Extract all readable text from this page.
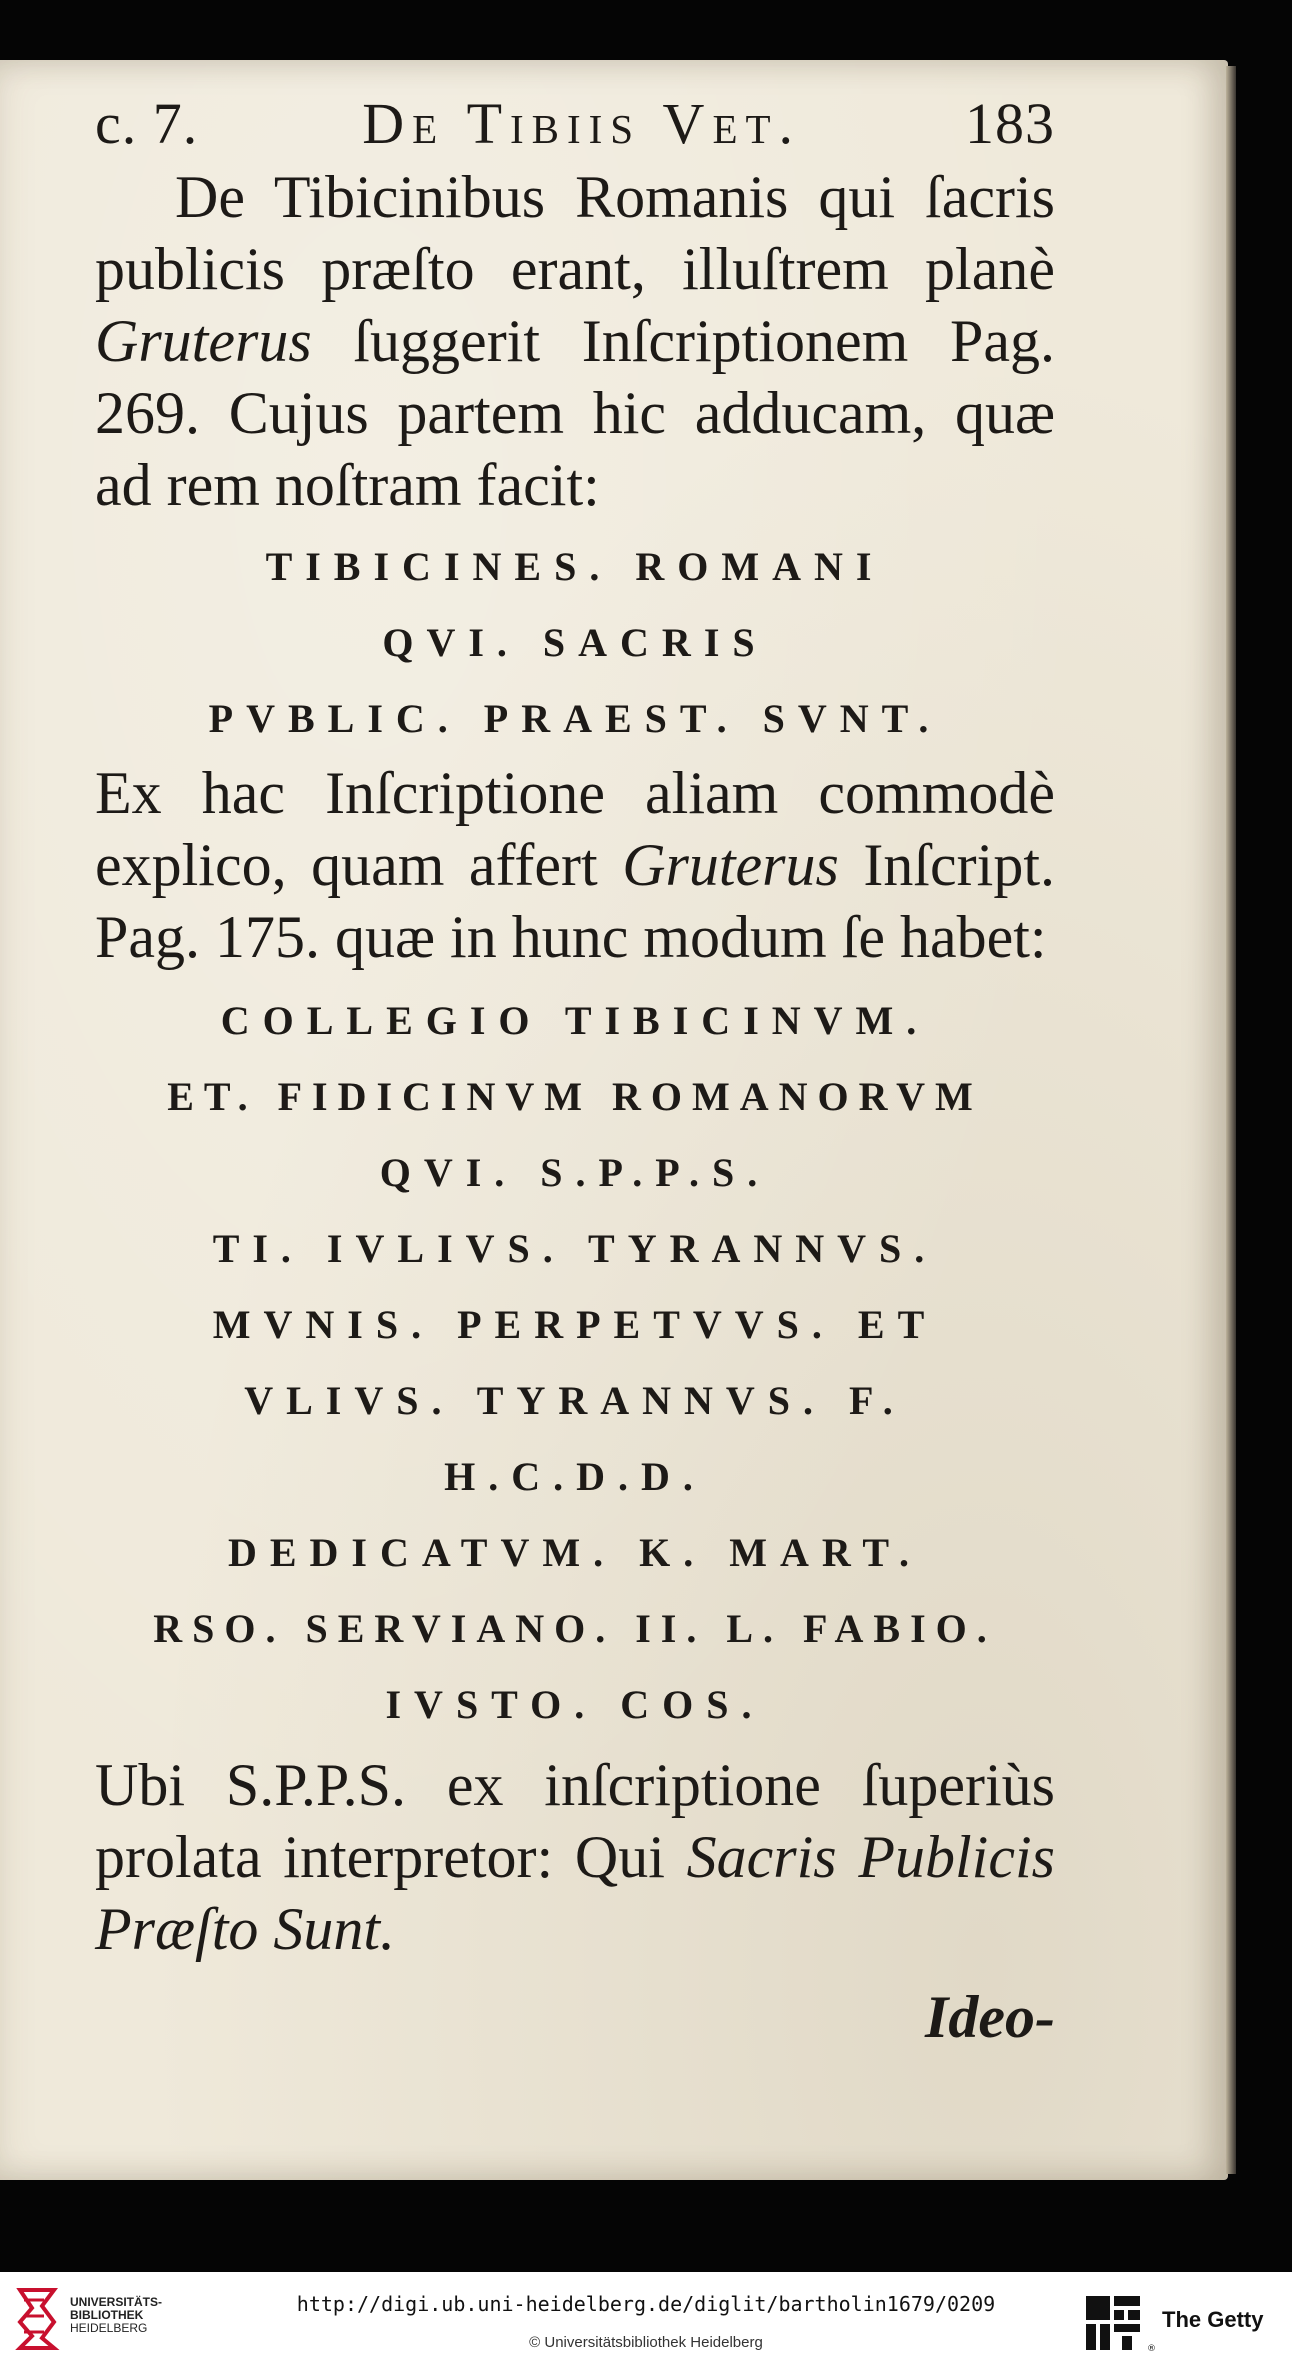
c. 7.	De Tibiis Vet.	183

De Tibicinibus Romanis qui ſacris publicis præſto erant, illuſtrem planè Gruterus ſuggerit Inſcriptionem Pag. 269. Cujus partem hic adducam, quæ ad rem noſtram facit:

TIBICINES. ROMANI

QVI. SACRIS

PVBLIC. PRAEST. SVNT.

Ex hac Inſcriptione aliam commodè explico, quam affert Gruterus Inſcript. Pag. 175. quæ in hunc modum ſe habet:

COLLEGIO TIBICINVM.

ET. FIDICINVM ROMANORVM

QVI. S.P.P.S.

TI. IVLIVS. TYRANNVS.

MVNIS. PERPETVVS. ET

VLIVS. TYRANNVS. F.

H.C.D.D.

DEDICATVM. K. MART.

RSO. SERVIANO. II. L. FABIO.

IVSTO. COS.

Ubi S.P.P.S. ex inſcriptione ſuperiùs prolata interpretor: Qui Sacris Publicis Præſto Sunt.

Ideo-
UNIVERSITÄTS-
BIBLIOTHEK
HEIDELBERG
http://digi.ub.uni-heidelberg.de/diglit/bartholin1679/0209
© Universitätsbibliothek Heidelberg	®
The Getty
